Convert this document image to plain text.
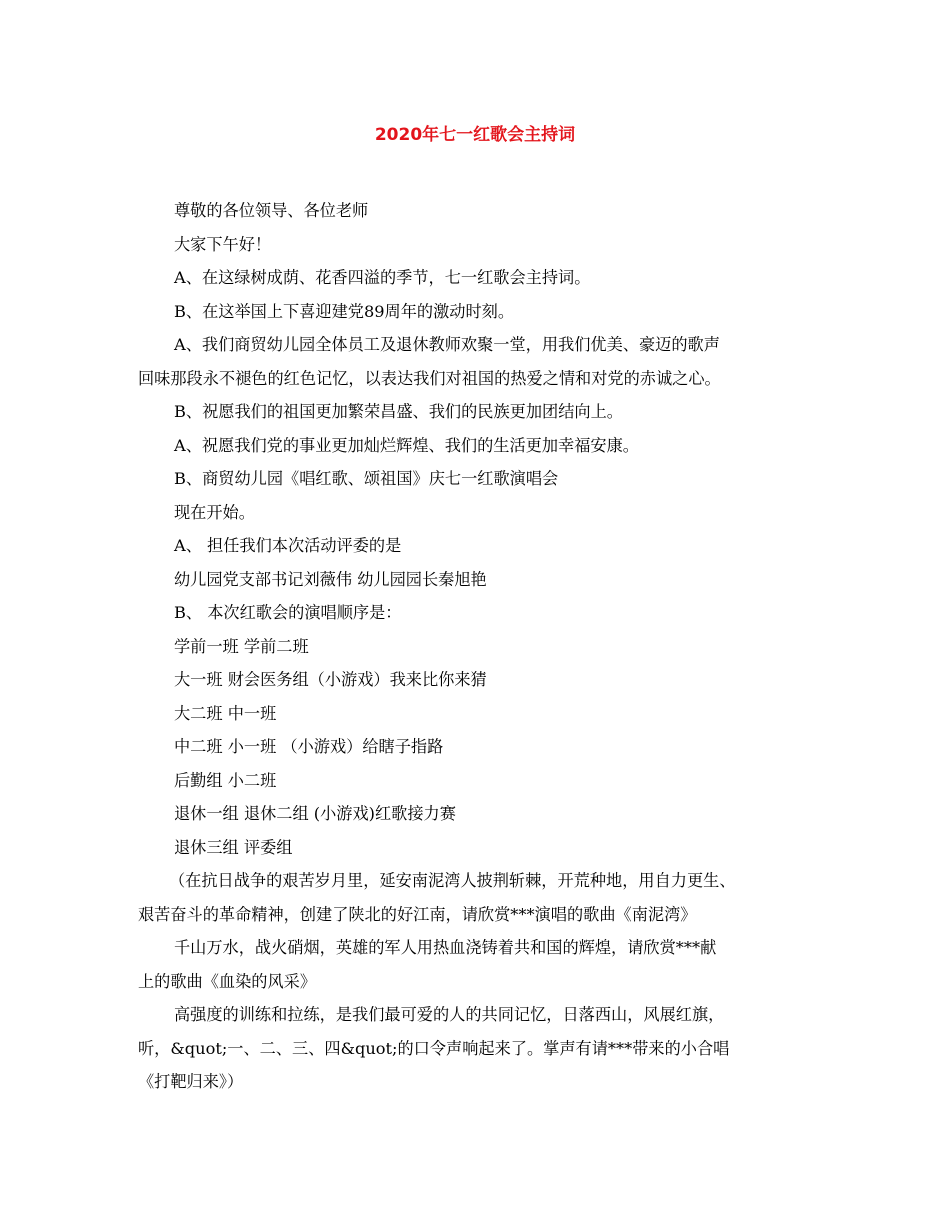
2020年七一红歌会主持词

尊敬的各位领导、各位老师

大家下午好！

A、在这绿树成荫、花香四溢的季节，七一红歌会主持词。

B、在这举国上下喜迎建党89周年的激动时刻。

A、我们商贸幼儿园全体员工及退休教师欢聚一堂，用我们优美、豪迈的歌声

回味那段永不褪色的红色记忆，以表达我们对祖国的热爱之情和对党的赤诚之心。

B、祝愿我们的祖国更加繁荣昌盛、我们的民族更加团结向上。

A、祝愿我们党的事业更加灿烂辉煌、我们的生活更加幸福安康。

B、商贸幼儿园《唱红歌、颂祖国》庆七一红歌演唱会

现在开始。

A、 担任我们本次活动评委的是

幼儿园党支部书记刘薇伟 幼儿园园长秦旭艳

B、 本次红歌会的演唱顺序是：

学前一班 学前二班

大一班 财会医务组（小游戏）我来比你来猜

大二班 中一班

中二班 小一班 （小游戏）给瞎子指路

后勤组 小二班

退休一组 退休二组 (小游戏)红歌接力赛

退休三组 评委组

（在抗日战争的艰苦岁月里，延安南泥湾人披荆斩棘，开荒种地，用自力更生、

艰苦奋斗的革命精神，创建了陕北的好江南，请欣赏***演唱的歌曲《南泥湾》

千山万水，战火硝烟，英雄的军人用热血浇铸着共和国的辉煌，请欣赏***献

上的歌曲《血染的风采》

高强度的训练和拉练，是我们最可爱的人的共同记忆，日落西山，风展红旗，

听，&quot;一、二、三、四&quot;的口令声响起来了。掌声有请***带来的小合唱

《打靶归来》）
